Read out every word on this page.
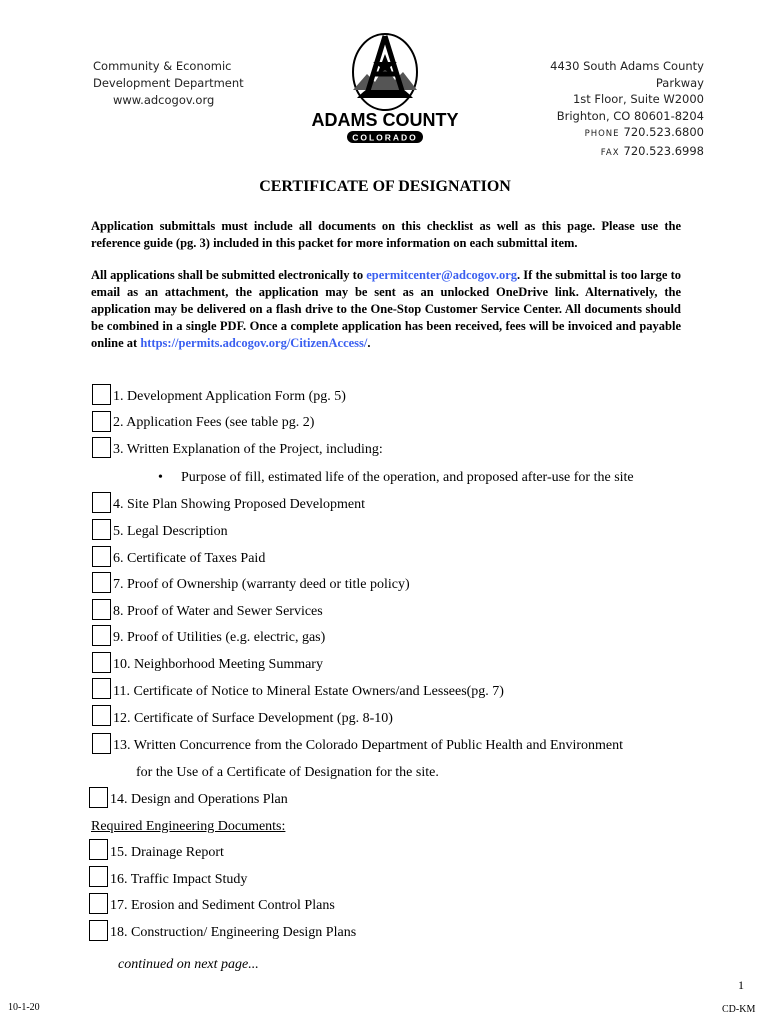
Community & Economic
Development Department
www.adcogov.org
ADAMS COUNTY
COLORADO
4430 South Adams County Parkway
1st Floor, Suite W2000
Brighton, CO 80601-8204
PHONE 720.523.6800
FAX 720.523.6998
CERTIFICATE OF DESIGNATION
Application submittals must include all documents on this checklist as well as this page. Please use the reference guide (pg. 3) included in this packet for more information on each submittal item.
All applications shall be submitted electronically to epermitcenter@adcogov.org. If the submittal is too large to email as an attachment, the application may be sent as an unlocked OneDrive link. Alternatively, the application may be delivered on a flash drive to the One-Stop Customer Service Center. All documents should be combined in a single PDF. Once a complete application has been received, fees will be invoiced and payable online at https://permits.adcogov.org/CitizenAccess/.
1. Development Application Form (pg. 5)
2. Application Fees (see table pg. 2)
3. Written Explanation of the Project, including:
• Purpose of fill, estimated life of the operation, and proposed after-use for the site
4. Site Plan Showing Proposed Development
5. Legal Description
6. Certificate of Taxes Paid
7. Proof of Ownership (warranty deed or title policy)
8. Proof of Water and Sewer Services
9. Proof of Utilities (e.g. electric, gas)
10. Neighborhood Meeting Summary
11. Certificate of Notice to Mineral Estate Owners/and Lessees(pg. 7)
12. Certificate of Surface Development (pg. 8-10)
13. Written Concurrence from the Colorado Department of Public Health and Environment
for the Use of a Certificate of Designation for the site.
14. Design and Operations Plan
Required Engineering Documents:
15. Drainage Report
16. Traffic Impact Study
17. Erosion and Sediment Control Plans
18. Construction/ Engineering Design Plans
continued on next page...
1
10-1-20	CD-KM
